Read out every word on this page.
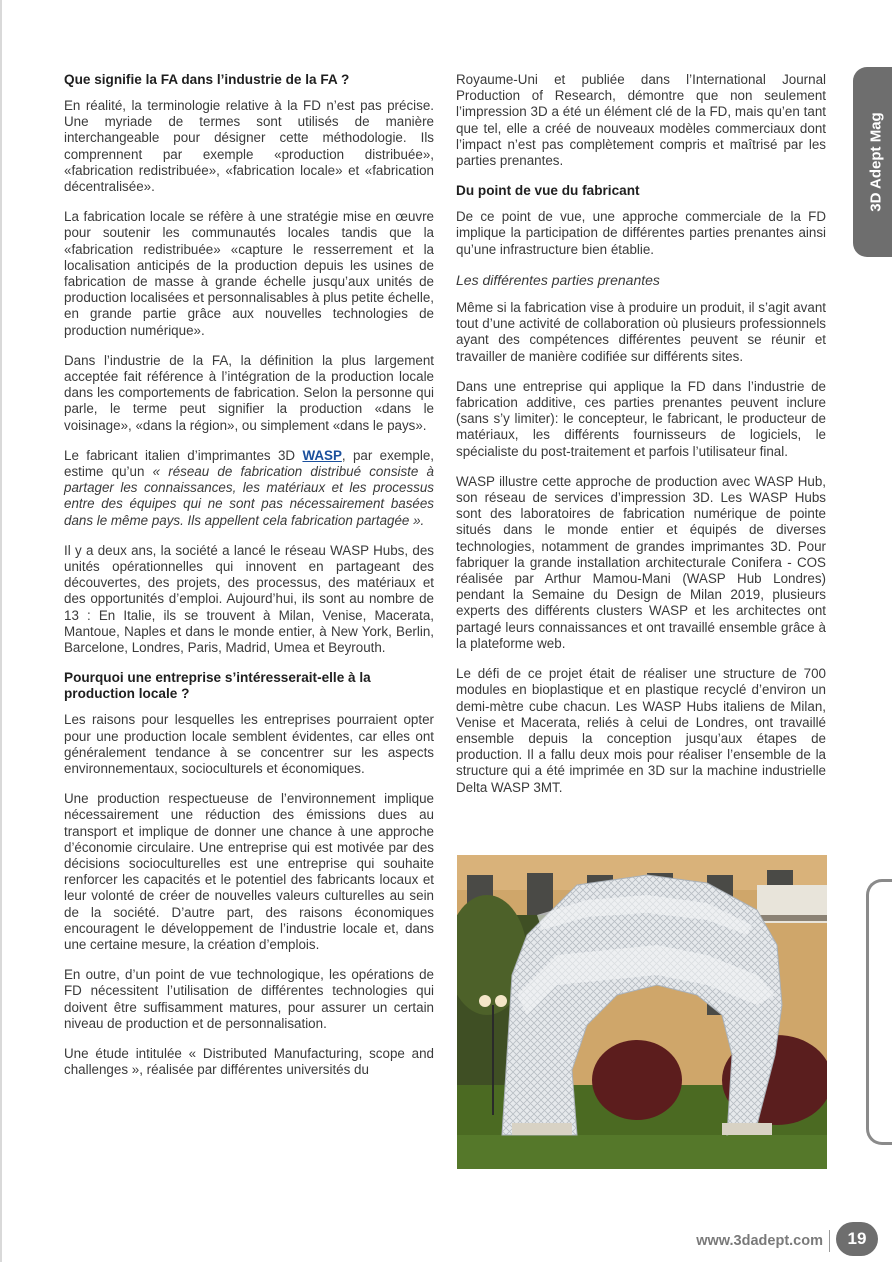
Que signifie la FA dans l’industrie de la FA ?

En réalité, la terminologie relative à la FD n’est pas précise. Une myriade de termes sont utilisés de manière interchangeable pour désigner cette méthodologie. Ils comprennent par exemple «production distribuée», «fabrication redistribuée», «fabrication locale» et «fabrication décentralisée».

La fabrication locale se réfère à une stratégie mise en œuvre pour soutenir les communautés locales tandis que la «fabrication redistribuée» «capture le resserrement et la localisation anticipés de la production depuis les usines de fabrication de masse à grande échelle jusqu’aux unités de production localisées et personnalisables à plus petite échelle, en grande partie grâce aux nouvelles technologies de production numérique».

Dans l’industrie de la FA, la définition la plus largement acceptée fait référence à l’intégration de la production locale dans les comportements de fabrication. Selon la personne qui parle, le terme peut signifier la production «dans le voisinage», «dans la région», ou simplement «dans le pays».

Le fabricant italien d’imprimantes 3D WASP, par exemple, estime qu’un « réseau de fabrication distribué consiste à partager les connaissances, les matériaux et les processus entre des équipes qui ne sont pas nécessairement basées dans le même pays. Ils appellent cela fabrication partagée ».

Il y a deux ans, la société a lancé le réseau WASP Hubs, des unités opérationnelles qui innovent en partageant des découvertes, des projets, des processus, des matériaux et des opportunités d’emploi. Aujourd’hui, ils sont au nombre de 13 : En Italie, ils se trouvent à Milan, Venise, Macerata, Mantoue, Naples et dans le monde entier, à New York, Berlin, Barcelone, Londres, Paris, Madrid, Umea et Beyrouth.

Pourquoi une entreprise s’intéresserait-elle à la production locale ?

Les raisons pour lesquelles les entreprises pourraient opter pour une production locale semblent évidentes, car elles ont généralement tendance à se concentrer sur les aspects environnementaux, socioculturels et économiques.

Une production respectueuse de l’environnement implique nécessairement une réduction des émissions dues au transport et implique de donner une chance à une approche d’économie circulaire. Une entreprise qui est motivée par des décisions socioculturelles est une entreprise qui souhaite renforcer les capacités et le potentiel des fabricants locaux et leur volonté de créer de nouvelles valeurs culturelles au sein de la société. D’autre part, des raisons économiques encouragent le développement de l’industrie locale et, dans une certaine mesure, la création d’emplois.

En outre, d’un point de vue technologique, les opérations de FD nécessitent l’utilisation de différentes technologies qui doivent être suffisamment matures, pour assurer un certain niveau de production et de personnalisation.

Une étude intitulée « Distributed Manufacturing, scope and challenges », réalisée par différentes universités du

Royaume-Uni et publiée dans l’International Journal Production of Research, démontre que non seulement l’impression 3D a été un élément clé de la FD, mais qu’en tant que tel, elle a créé de nouveaux modèles commerciaux dont l’impact n’est pas complètement compris et maîtrisé par les parties prenantes.

Du point de vue du fabricant

De ce point de vue, une approche commerciale de la FD implique la participation de différentes parties prenantes ainsi qu’une infrastructure bien établie.

Les différentes parties prenantes

Même si la fabrication vise à produire un produit, il s’agit avant tout d’une activité de collaboration où plusieurs professionnels ayant des compétences différentes peuvent se réunir et travailler de manière codifiée sur différents sites.

Dans une entreprise qui applique la FD dans l’industrie de fabrication additive, ces parties prenantes peuvent inclure (sans s’y limiter): le concepteur, le fabricant, le producteur de matériaux, les différents fournisseurs de logiciels, le spécialiste du post-traitement et parfois l’utilisateur final.

WASP illustre cette approche de production avec WASP Hub, son réseau de services d’impression 3D. Les WASP Hubs sont des laboratoires de fabrication numérique de pointe situés dans le monde entier et équipés de diverses technologies, notamment de grandes imprimantes 3D. Pour fabriquer la grande installation architecturale Conifera - COS réalisée par Arthur Mamou-Mani (WASP Hub Londres) pendant la Semaine du Design de Milan 2019, plusieurs experts des différents clusters WASP et les architectes ont partagé leurs connaissances et ont travaillé ensemble grâce à la plateforme web.

Le défi de ce projet était de réaliser une structure de 700 modules en bioplastique et en plastique recyclé d’environ un demi-mètre cube chacun. Les WASP Hubs italiens de Milan, Venise et Macerata, reliés à celui de Londres, ont travaillé ensemble depuis la conception jusqu’aux étapes de production. Il a fallu deux mois pour réaliser l’ensemble de la structure qui a été imprimée en 3D sur la machine industrielle Delta WASP 3MT.

3D Adept Mag
www.3dadept.com	19
